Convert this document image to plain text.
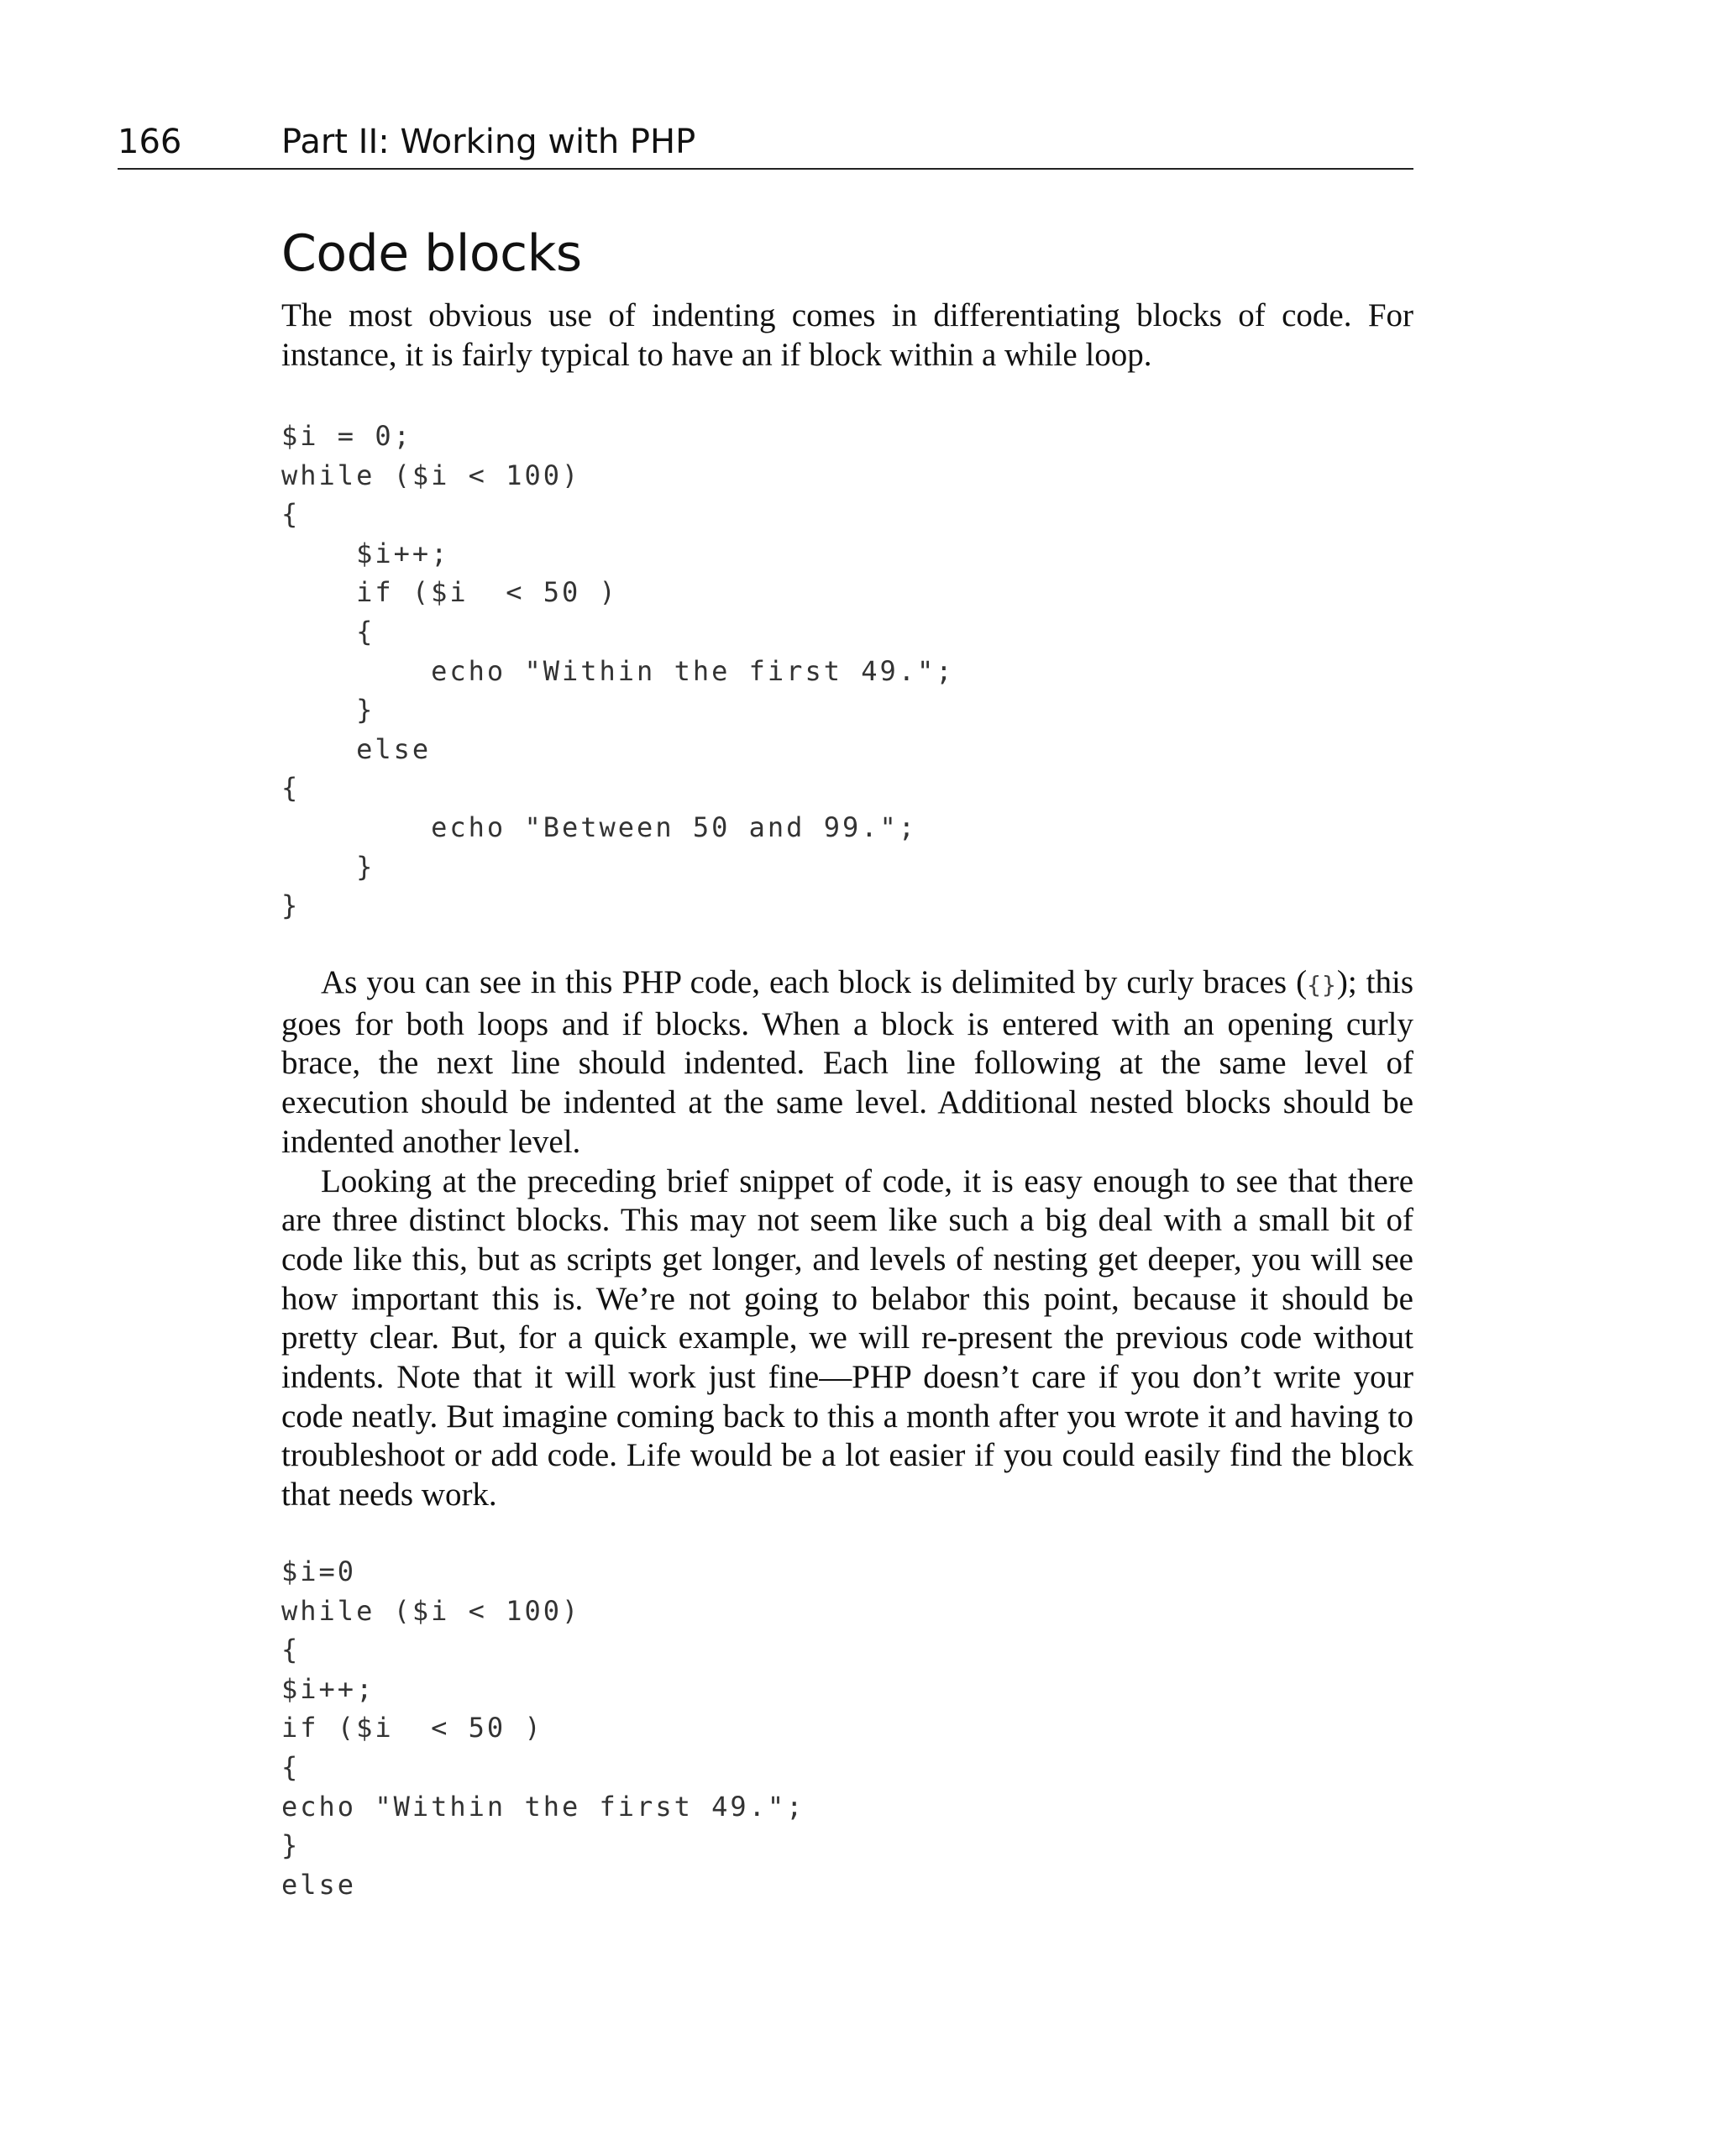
166	Part II: Working with PHP
Code blocks

The most obvious use of indenting comes in differentiating blocks of code. For instance, it is fairly typical to have an if block within a while loop.

$i = 0;
while ($i < 100)
{
$i++;
if ($i  < 50 )
{
echo "Within the first 49.";
}
else
{
echo "Between 50 and 99.";
}
}

As you can see in this PHP code, each block is delimited by curly braces ({}); this goes for both loops and if blocks. When a block is entered with an opening curly brace, the next line should indented. Each line following at the same level of execution should be indented at the same level. Additional nested blocks should be indented another level.

Looking at the preceding brief snippet of code, it is easy enough to see that there are three distinct blocks. This may not seem like such a big deal with a small bit of code like this, but as scripts get longer, and levels of nesting get deeper, you will see how important this is. We’re not going to belabor this point, because it should be pretty clear. But, for a quick example, we will re-present the previous code without indents. Note that it will work just fine—PHP doesn’t care if you don’t write your code neatly. But imagine coming back to this a month after you wrote it and having to troubleshoot or add code. Life would be a lot easier if you could easily find the block that needs work.

$i=0
while ($i < 100)
{
$i++;
if ($i  < 50 )
{
echo "Within the first 49.";
}
else
